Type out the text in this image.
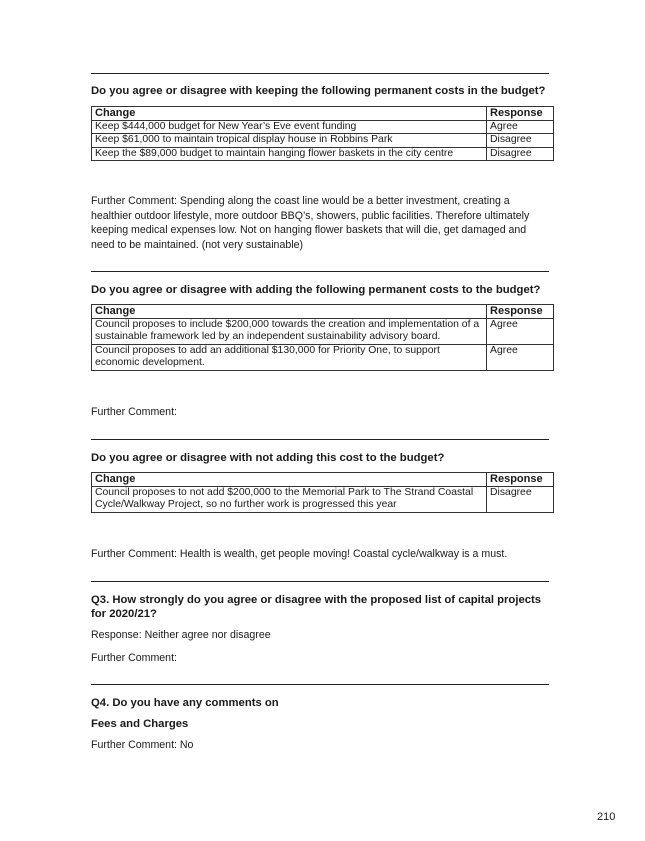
Do you agree or disagree with keeping the following permanent costs in the budget?
Change	Response
Keep $444,000 budget for New Year’s Eve event funding	Agree
Keep $61,000 to maintain tropical display house in Robbins Park	Disagree
Keep the $89,000 budget to maintain hanging flower baskets in the city centre	Disagree
Further Comment: Spending along the coast line would be a better investment, creating a healthier outdoor lifestyle, more outdoor BBQ’s, showers, public facilities. Therefore ultimately keeping medical expenses low. Not on hanging flower baskets that will die, get damaged and need to be maintained. (not very sustainable)
Do you agree or disagree with adding the following permanent costs to the budget?
Change	Response
Council proposes to include $200,000 towards the creation and implementation of a sustainable framework led by an independent sustainability advisory board.	Agree
Council proposes to add an additional $130,000 for Priority One, to support economic development.	Agree
Further Comment:
Do you agree or disagree with not adding this cost to the budget?
Change	Response
Council proposes to not add $200,000 to the Memorial Park to The Strand Coastal Cycle/Walkway Project, so no further work is progressed this year	Disagree
Further Comment: Health is wealth, get people moving! Coastal cycle/walkway is a must.
Q3. How strongly do you agree or disagree with the proposed list of capital projects for 2020/21?
Response: Neither agree nor disagree
Further Comment:
Q4. Do you have any comments on
Fees and Charges
Further Comment: No
210
